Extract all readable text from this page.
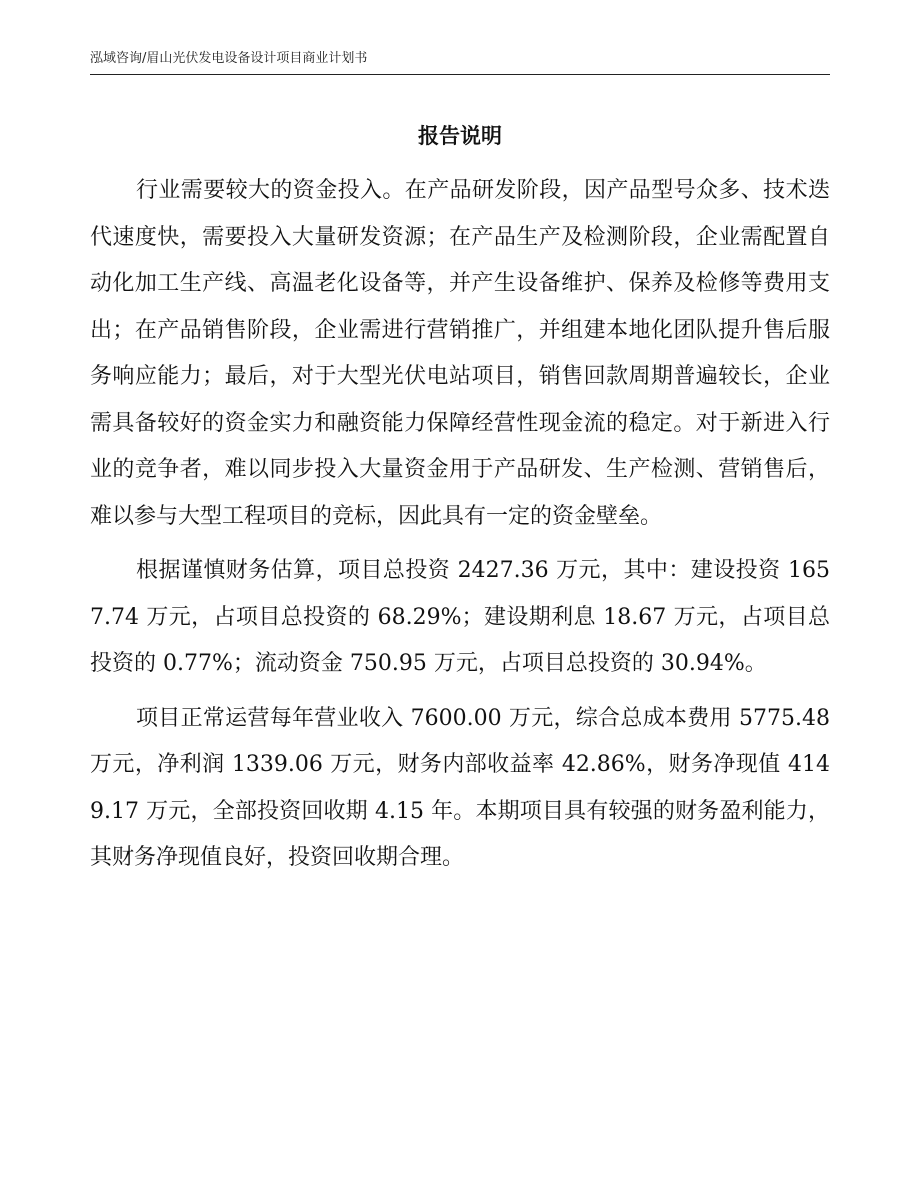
泓域咨询/眉山光伏发电设备设计项目商业计划书
报告说明

行业需要较大的资金投入。在产品研发阶段，因产品型号众多、技术迭代速度快，需要投入大量研发资源；在产品生产及检测阶段，企业需配置自动化加工生产线、高温老化设备等，并产生设备维护、保养及检修等费用支出；在产品销售阶段，企业需进行营销推广，并组建本地化团队提升售后服务响应能力；最后，对于大型光伏电站项目，销售回款周期普遍较长，企业需具备较好的资金实力和融资能力保障经营性现金流的稳定。对于新进入行业的竞争者，难以同步投入大量资金用于产品研发、生产检测、营销售后，难以参与大型工程项目的竞标，因此具有一定的资金壁垒。

根据谨慎财务估算，项目总投资 2427.36 万元，其中：建设投资 1657.74 万元，占项目总投资的 68.29%；建设期利息 18.67 万元，占项目总投资的 0.77%；流动资金 750.95 万元，占项目总投资的 30.94%。

项目正常运营每年营业收入 7600.00 万元，综合总成本费用 5775.48 万元，净利润 1339.06 万元，财务内部收益率 42.86%，财务净现值 4149.17 万元，全部投资回收期 4.15 年。本期项目具有较强的财务盈利能力，其财务净现值良好，投资回收期合理。
